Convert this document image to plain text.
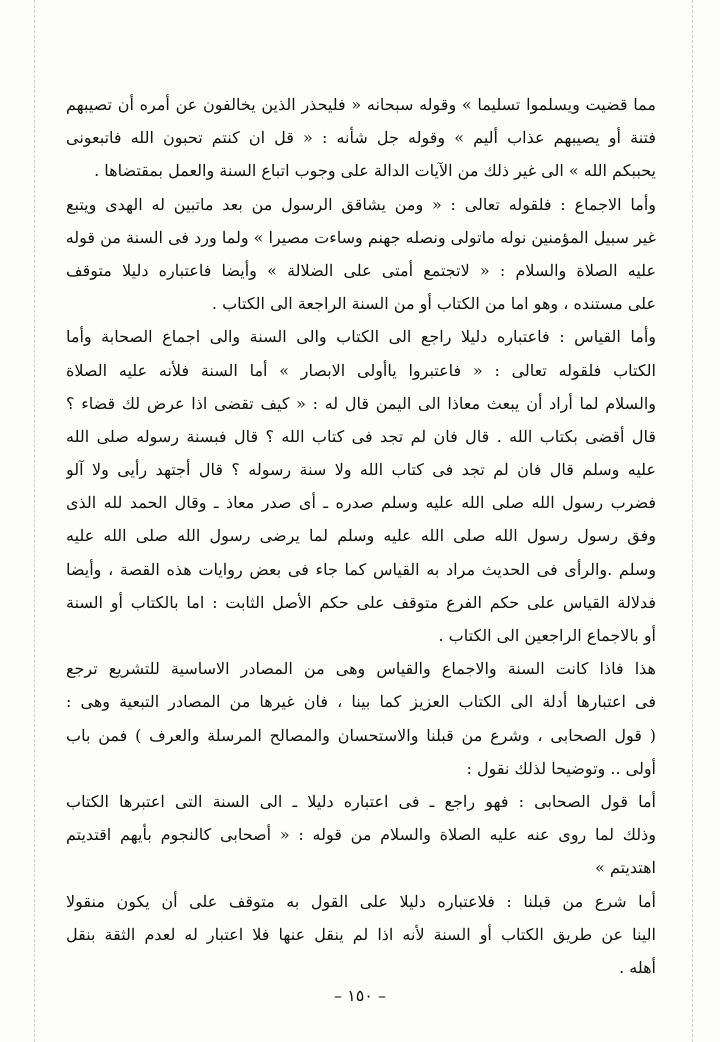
مما قضيت ويسلموا تسليما » وقوله سبحانه « فليحذر الذين يخالفون عن أمره أن تصيبهم
فتنة أو يصيبهم عذاب أليم » وقوله جل شأنه : « قل ان كنتم تحبون الله فاتبعونى
يحببكم الله » الى غير ذلك من الآيات الدالة على وجوب اتباع السنة والعمل بمقتضاها .
وأما الاجماع : فلقوله تعالى : « ومن يشاقق الرسول من بعد ماتبين له الهدى ويتبع
غير سبيل المؤمنين نوله ماتولى ونصله جهنم وساءت مصيرا » ولما ورد فى السنة من قوله
عليه الصلاة والسلام : « لاتجتمع أمتى على الضلالة » وأيضا فاعتباره دليلا متوقف
على مستنده ، وهو اما من الكتاب أو من السنة الراجعة الى الكتاب .
وأما القياس : فاعتباره دليلا راجع الى الكتاب والى السنة والى اجماع الصحابة وأما
الكتاب فلقوله تعالى : « فاعتبروا ياأولى الابصار » أما السنة فلأنه عليه الصلاة
والسلام لما أراد أن يبعث معاذا الى اليمن قال له : « كيف تقضى اذا عرض لك قضاء ؟
قال أقضى بكتاب الله . قال فان لم تجد فى كتاب الله ؟ قال فبسنة رسوله صلى الله
عليه وسلم قال فان لم تجد فى كتاب الله ولا سنة رسوله ؟ قال أجتهد رأيى ولا آلو
فضرب رسول الله صلى الله عليه وسلم صدره ـ أى صدر معاذ ـ وقال الحمد لله الذى
وفق رسول رسول الله صلى الله عليه وسلم لما يرضى رسول الله صلى الله عليه
وسلم .والرأى فى الحديث مراد به القياس كما جاء فى بعض روايات هذه القصة ، وأيضا
فدلالة القياس على حكم الفرع متوقف على حكم الأصل الثابت : اما بالكتاب أو السنة
أو بالاجماع الراجعين الى الكتاب .
هذا فاذا كانت السنة والاجماع والقياس وهى من المصادر الاساسية للتشريع ترجع
فى اعتبارها أدلة الى الكتاب العزيز كما بينا ، فان غيرها من المصادر التبعية وهى :
( قول الصحابى ، وشرع من قبلنا والاستحسان والمصالح المرسلة والعرف ) فمن باب
أولى .. وتوضيحا لذلك نقول :
أما قول الصحابى : فهو راجع ـ فى اعتباره دليلا ـ الى السنة التى اعتبرها الكتاب
وذلك لما روى عنه عليه الصلاة والسلام من قوله : « أصحابى كالنجوم بأيهم اقتديتم
اهتديتم »
أما شرع من قبلنا : فلاعتباره دليلا على القول به متوقف على أن يكون منقولا
الينا عن طريق الكتاب أو السنة لأنه اذا لم ينقل عنها فلا اعتبار له لعدم الثقة بنقل
أهله .
– ١٥٠ –
